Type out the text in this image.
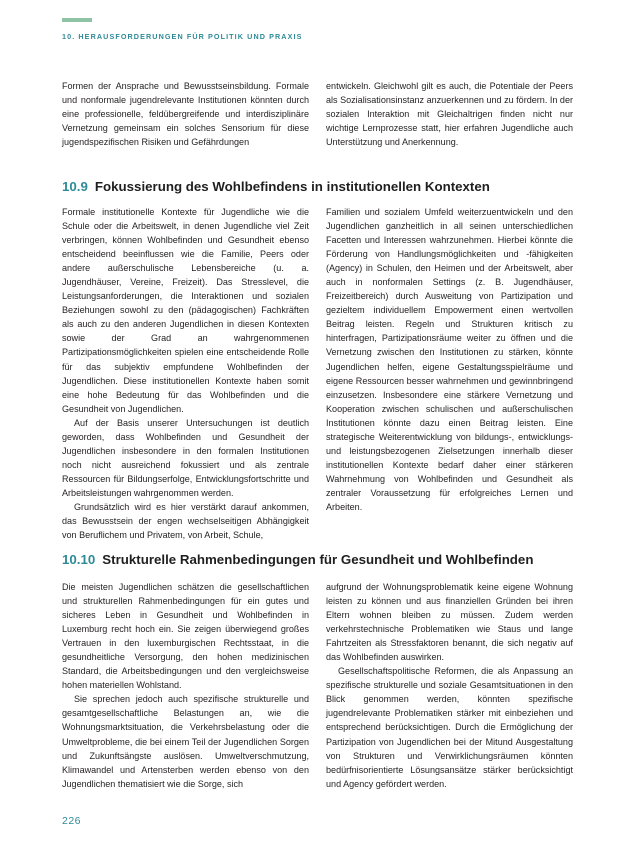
10. HERAUSFORDERUNGEN FÜR POLITIK UND PRAXIS

Formen der Ansprache und Bewusstseinsbildung. Formale und nonformale jugendrelevante Institutionen könnten durch eine professionelle, feldübergreifende und interdisziplinäre Vernetzung gemeinsam ein solches Sensorium für diese jugendspezifischen Risiken und Gefährdungen

entwickeln. Gleichwohl gilt es auch, die Potentiale der Peers als Sozialisationsinstanz anzuerkennen und zu fördern. In der sozialen Interaktion mit Gleichaltrigen finden nicht nur wichtige Lernprozesse statt, hier erfahren Jugendliche auch Unterstützung und Anerkennung.

10.9 Fokussierung des Wohlbefindens in institutionellen Kontexten

Formale institutionelle Kontexte für Jugendliche wie die Schule oder die Arbeitswelt, in denen Jugendliche viel Zeit verbringen, können Wohlbefinden und Gesundheit ebenso entscheidend beeinflussen wie die Familie, Peers oder andere außerschulische Lebensbereiche (u. a. Jugendhäuser, Vereine, Freizeit). Das Stresslevel, die Leistungsanforderungen, die Interaktionen und sozialen Beziehungen sowohl zu den (pädagogischen) Fachkräften als auch zu den anderen Jugendlichen in diesen Kontexten sowie der Grad an wahrgenommenen Partizipationsmöglichkeiten spielen eine entscheidende Rolle für das subjektiv empfundene Wohlbefinden der Jugendlichen. Diese institutionellen Kontexte haben somit eine hohe Bedeutung für das Wohlbefinden und die Gesundheit von Jugendlichen.

Auf der Basis unserer Untersuchungen ist deutlich geworden, dass Wohlbefinden und Gesundheit der Jugendlichen insbesondere in den formalen Institutionen noch nicht ausreichend fokussiert und als zentrale Ressourcen für Bildungserfolge, Entwicklungsfortschritte und Arbeitsleistungen wahrgenommen werden.

Grundsätzlich wird es hier verstärkt darauf ankommen, das Bewusstsein der engen wechselseitigen Abhängigkeit von Beruflichem und Privatem, von Arbeit, Schule,

Familien und sozialem Umfeld weiterzuentwickeln und den Jugendlichen ganzheitlich in all seinen unterschiedlichen Facetten und Interessen wahrzunehmen. Hierbei könnte die Förderung von Handlungsmöglichkeiten und -fähigkeiten (Agency) in Schulen, den Heimen und der Arbeitswelt, aber auch in nonformalen Settings (z. B. Jugendhäuser, Freizeitbereich) durch Ausweitung von Partizipation und gezieltem individuellem Empowerment einen wertvollen Beitrag leisten. Regeln und Strukturen kritisch zu hinterfragen, Partizipationsräume weiter zu öffnen und die Vernetzung zwischen den Institutionen zu stärken, könnte Jugendlichen helfen, eigene Gestaltungsspielräume und eigene Ressourcen besser wahrnehmen und gewinnbringend einzusetzen. Insbesondere eine stärkere Vernetzung und Kooperation zwischen schulischen und außerschulischen Institutionen könnte dazu einen Beitrag leisten. Eine strategische Weiterentwicklung von bildungs-, entwicklungs- und leistungsbezogenen Zielsetzungen innerhalb dieser institutionellen Kontexte bedarf daher einer stärkeren Wahrnehmung von Wohlbefinden und Gesundheit als zentraler Voraussetzung für erfolgreiches Lernen und Arbeiten.

10.10 Strukturelle Rahmenbedingungen für Gesundheit und Wohlbefinden

Die meisten Jugendlichen schätzen die gesellschaftlichen und strukturellen Rahmenbedingungen für ein gutes und sicheres Leben in Gesundheit und Wohlbefinden in Luxemburg recht hoch ein. Sie zeigen überwiegend großes Vertrauen in den luxemburgischen Rechtsstaat, in die gesundheitliche Versorgung, den hohen medizinischen Standard, die Arbeitsbedingungen und den vergleichsweise hohen materiellen Wohlstand.

Sie sprechen jedoch auch spezifische strukturelle und gesamtgesellschaftliche Belastungen an, wie die Wohnungsmarktsituation, die Verkehrsbelastung oder die Umweltprobleme, die bei einem Teil der Jugendlichen Sorgen und Zukunftsängste auslösen. Umweltverschmutzung, Klimawandel und Artensterben werden ebenso von den Jugendlichen thematisiert wie die Sorge, sich

aufgrund der Wohnungsproblematik keine eigene Wohnung leisten zu können und aus finanziellen Gründen bei ihren Eltern wohnen bleiben zu müssen. Zudem werden verkehrstechnische Problematiken wie Staus und lange Fahrtzeiten als Stressfaktoren benannt, die sich negativ auf das Wohlbefinden auswirken.

Gesellschaftspolitische Reformen, die als Anpassung an spezifische strukturelle und soziale Gesamtsituationen in den Blick genommen werden, könnten spezifische jugendrelevante Problematiken stärker mit einbeziehen und entsprechend berücksichtigen. Durch die Ermöglichung der Partizipation von Jugendlichen bei der Mitund Ausgestaltung von Strukturen und Verwirklichungsräumen könnten bedürfnisorientierte Lösungsansätze stärker berücksichtigt und Agency gefördert werden.

226
